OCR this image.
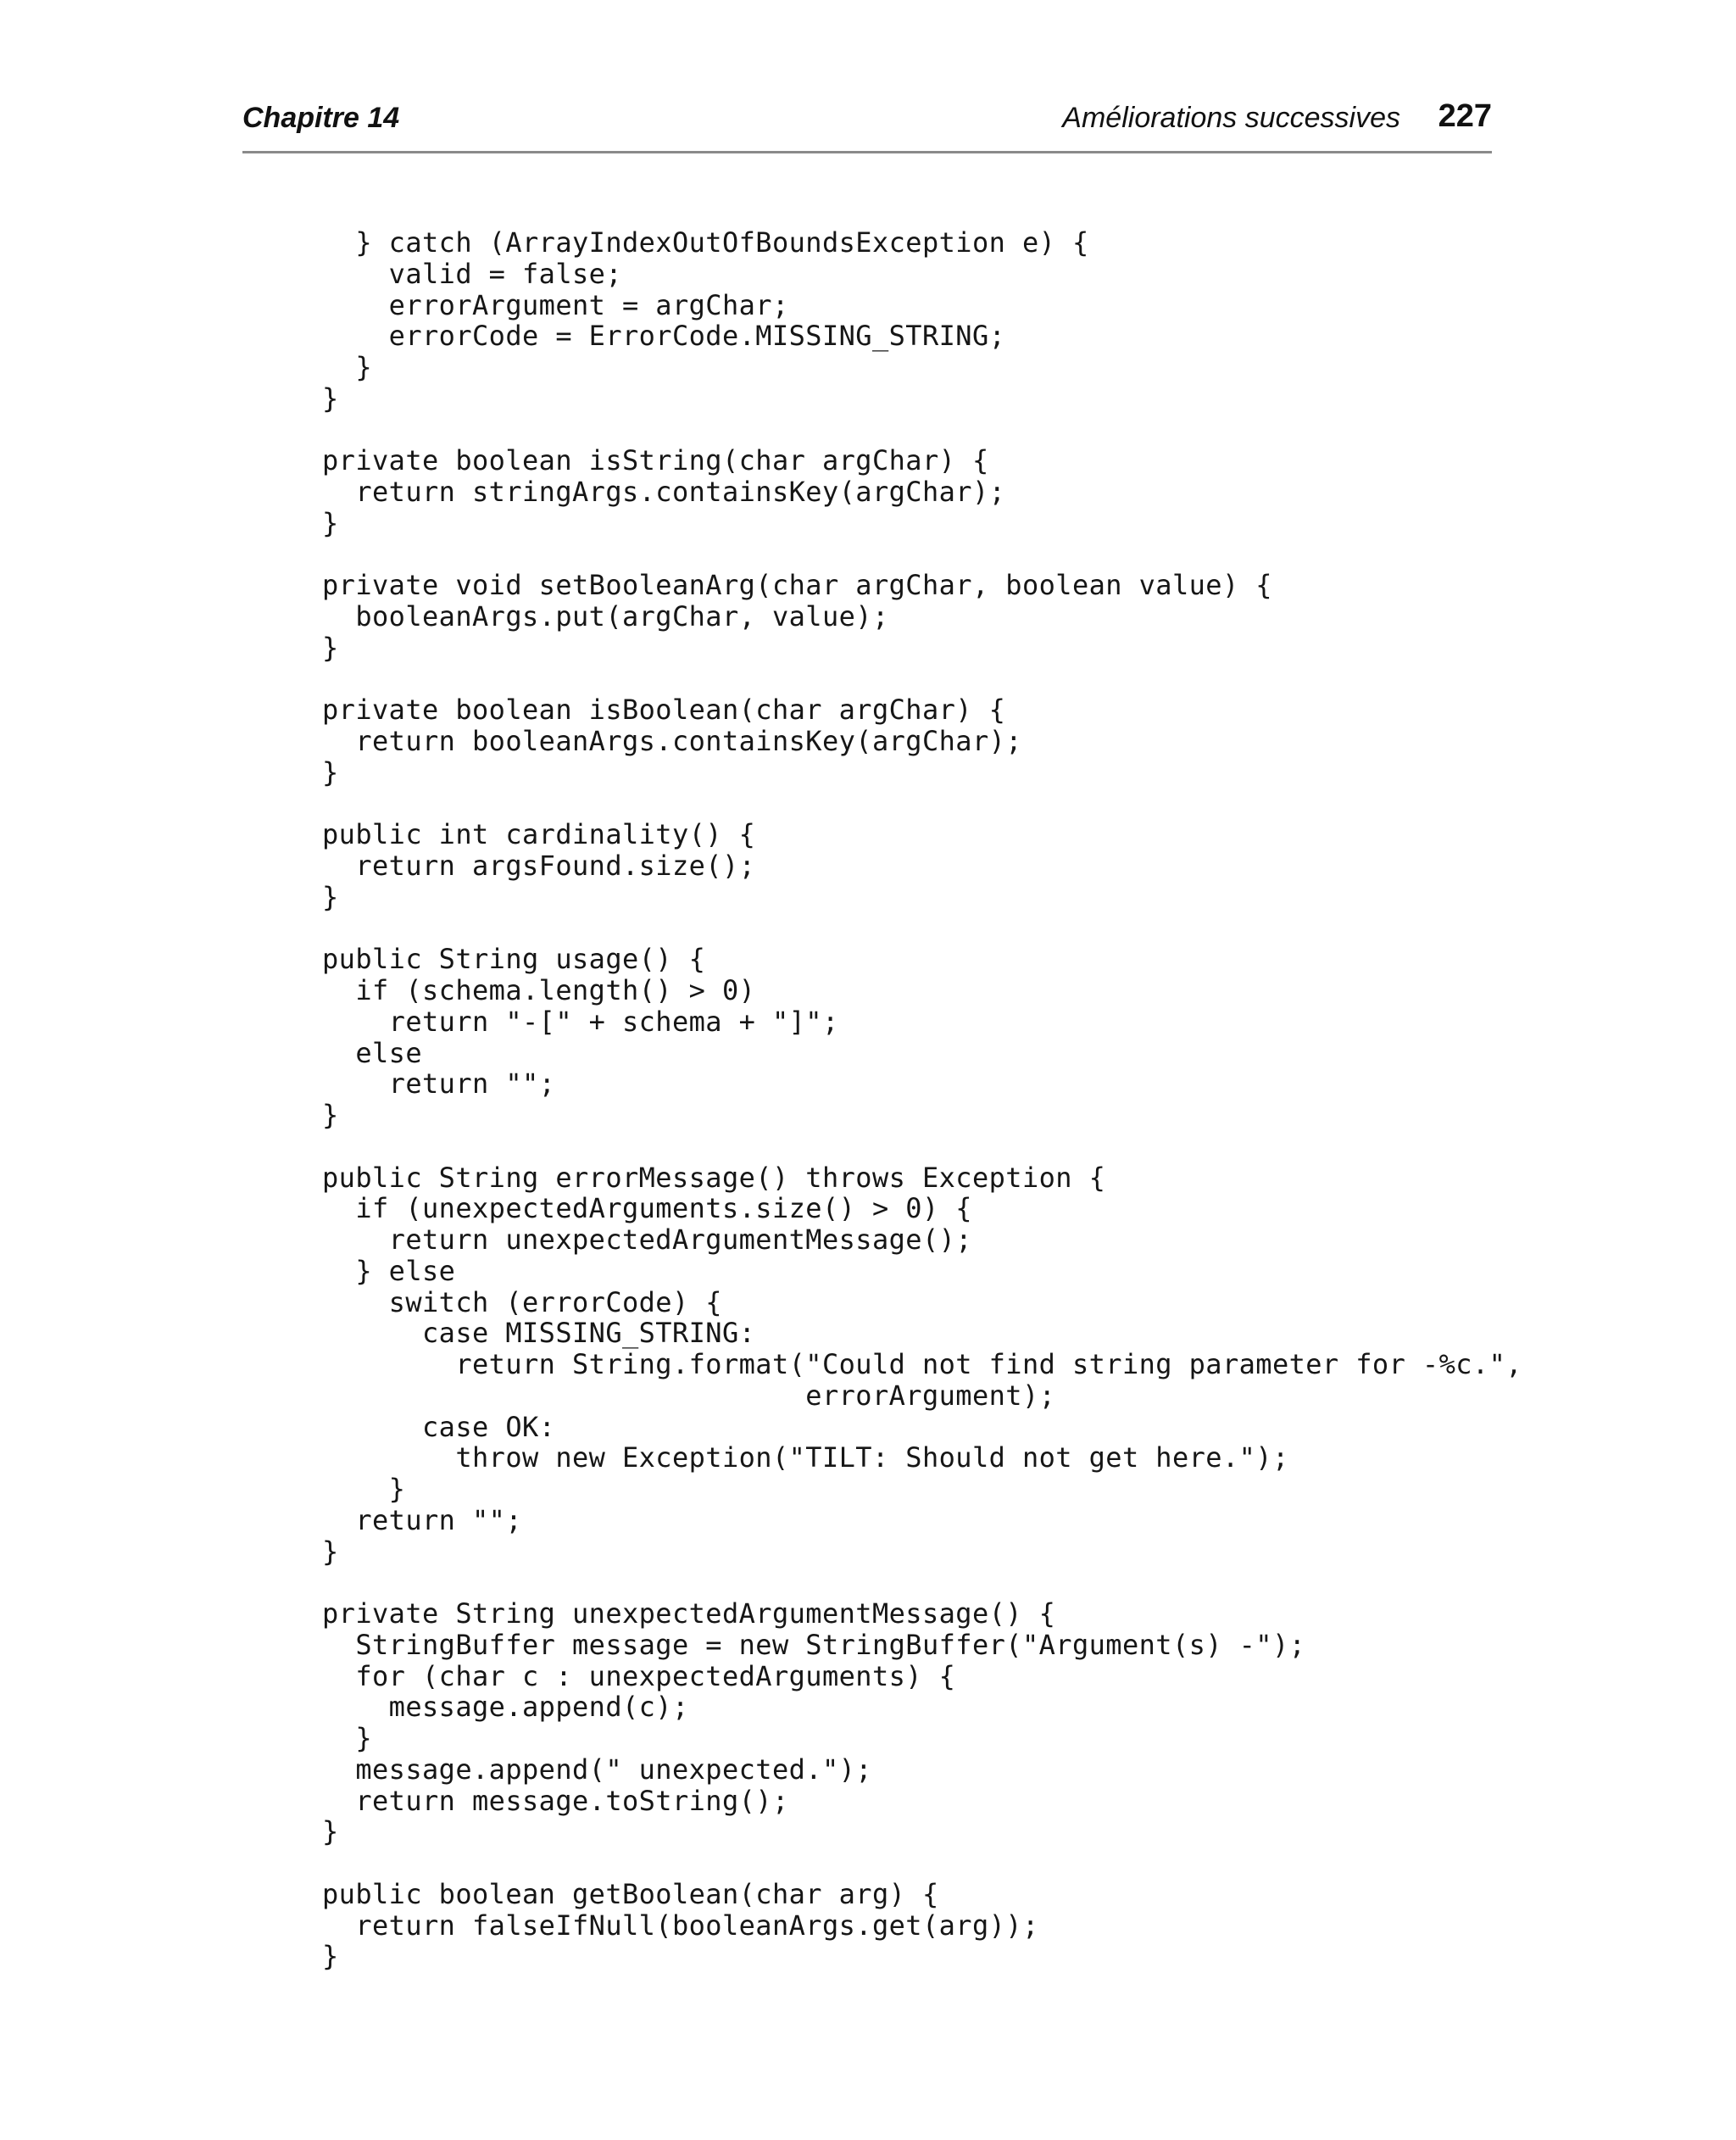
Chapitre 14	Améliorations successives 227
} catch (ArrayIndexOutOfBoundsException e) {
valid = false;
errorArgument = argChar;
errorCode = ErrorCode.MISSING_STRING;
}
}
private boolean isString(char argChar) {
return stringArgs.containsKey(argChar);
}
private void setBooleanArg(char argChar, boolean value) {
booleanArgs.put(argChar, value);
}
private boolean isBoolean(char argChar) {
return booleanArgs.containsKey(argChar);
}
public int cardinality() {
return argsFound.size();
}
public String usage() {
if (schema.length() > 0)
return "-[" + schema + "]";
else
return "";
}
public String errorMessage() throws Exception {
if (unexpectedArguments.size() > 0) {
return unexpectedArgumentMessage();
} else
switch (errorCode) {
case MISSING_STRING:
return String.format("Could not find string parameter for -%c.",
errorArgument);
case OK:
throw new Exception("TILT: Should not get here.");
}
return "";
}
private String unexpectedArgumentMessage() {
StringBuffer message = new StringBuffer("Argument(s) -");
for (char c : unexpectedArguments) {
message.append(c);
}
message.append(" unexpected.");
return message.toString();
}
public boolean getBoolean(char arg) {
return falseIfNull(booleanArgs.get(arg));
}
